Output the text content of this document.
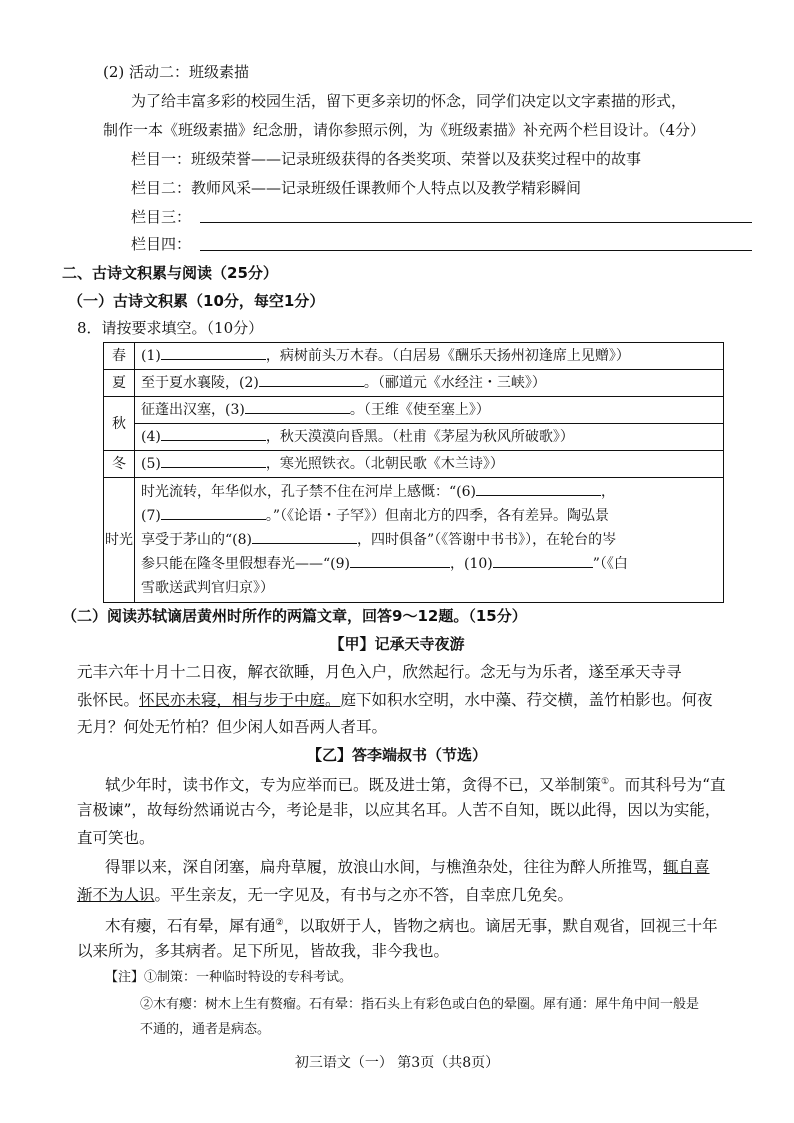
(2) 活动二：班级素描
为了给丰富多彩的校园生活，留下更多亲切的怀念，同学们决定以文字素描的形式，
制作一本《班级素描》纪念册，请你参照示例，为《班级素描》补充两个栏目设计。（4分）
栏目一：班级荣誉——记录班级获得的各类奖项、荣誉以及获奖过程中的故事
栏目二：教师风采——记录班级任课教师个人特点以及教学精彩瞬间
栏目三：
栏目四：
二、古诗文积累与阅读（25分）
（一）古诗文积累（10分，每空1分）
8．请按要求填空。（10分）
春	(1) ，病树前头万木春。（白居易《酬乐天扬州初逢席上见赠》）
夏	至于夏水襄陵，(2) 。（郦道元《水经注・三峡》）
秋	征蓬出汉塞，(3) 。（王维《使至塞上》）
	(4) ，秋天漠漠向昏黑。（杜甫《茅屋为秋风所破歌》）
冬	(5) ，寒光照铁衣。（北朝民歌《木兰诗》）
时光	时光流转，年华似水，孔子禁不住在河岸上感慨：“(6) ，
(7) 。”（《论语・子罕》）但南北方的四季，各有差异。陶弘景
享受于茅山的“(8) ，四时俱备”（《答谢中书书》），在轮台的岑
参只能在隆冬里假想春光——“(9) ，(10) ”（《白
雪歌送武判官归京》）
（二）阅读苏轼谪居黄州时所作的两篇文章，回答9～12题。（15分）
【甲】记承天寺夜游
元丰六年十月十二日夜，解衣欲睡，月色入户，欣然起行。念无与为乐者，遂至承天寺寻
张怀民。怀民亦未寝，相与步于中庭。庭下如积水空明，水中藻、荇交横，盖竹柏影也。何夜
无月？何处无竹柏？但少闲人如吾两人者耳。
【乙】答李端叔书（节选）
轼少年时，读书作文，专为应举而已。既及进士第，贪得不已，又举制策①。而其科号为“直
言极谏”，故每纷然诵说古今，考论是非，以应其名耳。人苦不自知，既以此得，因以为实能，
直可笑也。
得罪以来，深自闭塞，扁舟草履，放浪山水间，与樵渔杂处，往往为醉人所推骂，辄自喜
渐不为人识。平生亲友，无一字见及，有书与之亦不答，自幸庶几免矣。
木有瘿，石有晕，犀有通②，以取妍于人，皆物之病也。谪居无事，默自观省，回视三十年
以来所为，多其病者。足下所见，皆故我，非今我也。
【注】①制策：一种临时特设的专科考试。
②木有瘿：树木上生有赘瘤。石有晕：指石头上有彩色或白色的晕圈。犀有通：犀牛角中间一般是
不通的，通者是病态。
初三语文（一） 第3页（共8页）
